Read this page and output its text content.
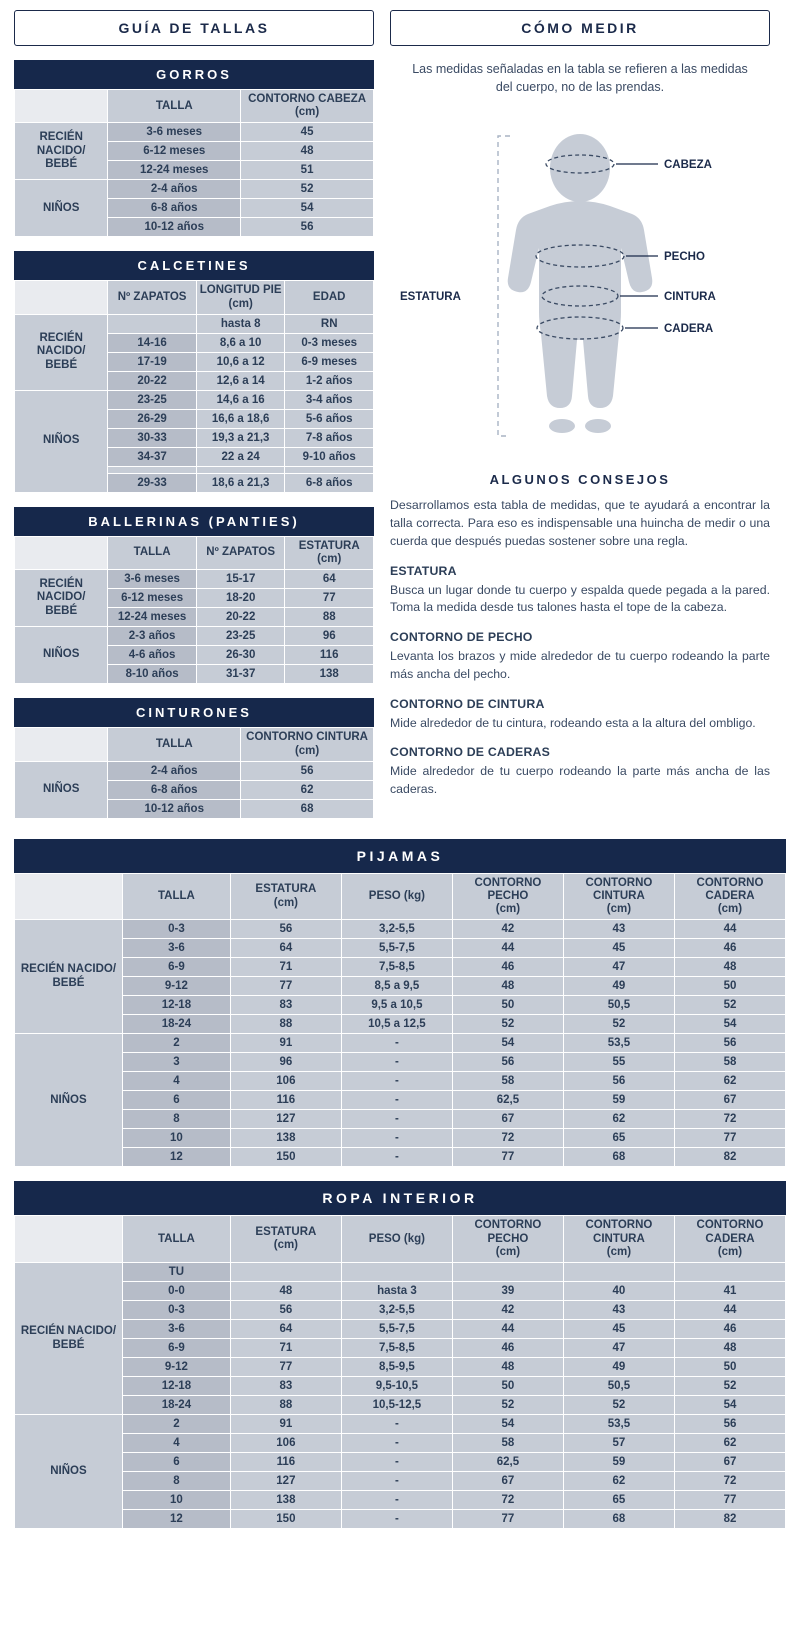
GUÍA DE TALLAS
GORROS
	TALLA	CONTORNO CABEZA
(cm)
RECIÉN NACIDO/
BEBÉ	3-6 meses	45
	6-12 meses	48
	12-24 meses	51
NIÑOS	2-4 años	52
	6-8 años	54
	10-12 años	56
CALCETINES
	Nº ZAPATOS	LONGITUD PIE
(cm)	EDAD
RECIÉN NACIDO/
BEBÉ		hasta 8	RN
	14-16	8,6 a 10	0-3 meses
	17-19	10,6 a 12	6-9 meses
	20-22	12,6 a 14	1-2 años
NIÑOS	23-25	14,6 a 16	3-4 años
	26-29	16,6 a 18,6	5-6 años
	30-33	19,3 a 21,3	7-8 años
	34-37	22 a 24	9-10 años

	29-33	18,6 a 21,3	6-8 años
BALLERINAS (PANTIES)
	TALLA	Nº ZAPATOS	ESTATURA
(cm)
RECIÉN NACIDO/
BEBÉ	3-6 meses	15-17	64
	6-12 meses	18-20	77
	12-24 meses	20-22	88
NIÑOS	2-3 años	23-25	96
	4-6 años	26-30	116
	8-10 años	31-37	138
CINTURONES
	TALLA	CONTORNO CINTURA
(cm)
NIÑOS	2-4 años	56
	6-8 años	62
	10-12 años	68
CÓMO MEDIR
Las medidas señaladas en la tabla se refieren a las medidas del cuerpo, no de las prendas.
CABEZA
PECHO
CINTURA
CADERA
ESTATURA
ALGUNOS CONSEJOS

Desarrollamos esta tabla de medidas, que te ayudará a encontrar la talla correcta. Para eso es indispensable una huincha de medir o una cuerda que después puedas sostener sobre una regla.

ESTATURA
Busca un lugar donde tu cuerpo y espalda quede pegada a la pared. Toma la medida desde tus talones hasta el tope de la cabeza.

CONTORNO DE PECHO
Levanta los brazos y mide alrededor de tu cuerpo rodeando la parte más ancha del pecho.

CONTORNO DE CINTURA
Mide alrededor de tu cintura, rodeando esta a la altura del ombligo.

CONTORNO DE CADERAS
Mide alrededor de tu cuerpo rodeando la parte más ancha de las caderas.

PIJAMAS
	TALLA	ESTATURA
(cm)	PESO (kg)	CONTORNO PECHO
(cm)	CONTORNO CINTURA
(cm)	CONTORNO CADERA
(cm)
RECIÉN NACIDO/
BEBÉ	0-3	56	3,2-5,5	42	43	44
	3-6	64	5,5-7,5	44	45	46
	6-9	71	7,5-8,5	46	47	48
	9-12	77	8,5 a 9,5	48	49	50
	12-18	83	9,5 a 10,5	50	50,5	52
	18-24	88	10,5 a 12,5	52	52	54
NIÑOS	2	91	-	54	53,5	56
	3	96	-	56	55	58
	4	106	-	58	56	62
	6	116	-	62,5	59	67
	8	127	-	67	62	72
	10	138	-	72	65	77
	12	150	-	77	68	82
ROPA INTERIOR
	TALLA	ESTATURA
(cm)	PESO (kg)	CONTORNO PECHO
(cm)	CONTORNO CINTURA
(cm)	CONTORNO CADERA
(cm)
RECIÉN NACIDO/
BEBÉ	TU					
	0-0	48	hasta 3	39	40	41
	0-3	56	3,2-5,5	42	43	44
	3-6	64	5,5-7,5	44	45	46
	6-9	71	7,5-8,5	46	47	48
	9-12	77	8,5-9,5	48	49	50
	12-18	83	9,5-10,5	50	50,5	52
	18-24	88	10,5-12,5	52	52	54
NIÑOS	2	91	-	54	53,5	56
	4	106	-	58	57	62
	6	116	-	62,5	59	67
	8	127	-	67	62	72
	10	138	-	72	65	77
	12	150	-	77	68	82
